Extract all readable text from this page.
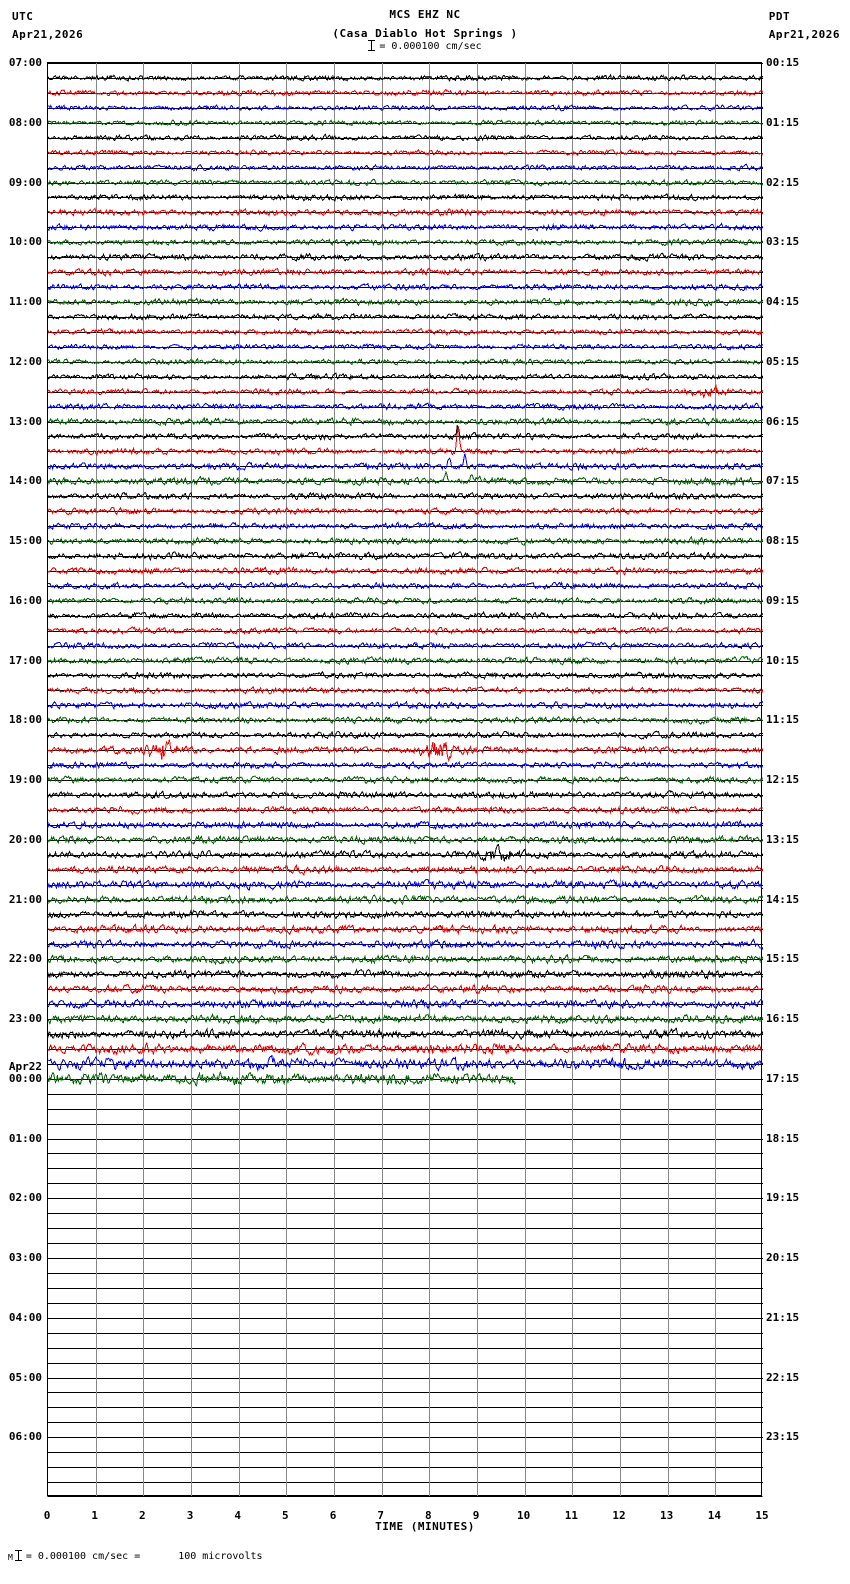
UTC
Apr21,2026
MCS EHZ NC
(Casa Diablo Hot Springs )
PDT
Apr21,2026
= 0.000100 cm/sec
07:00
08:00
09:00
10:00
11:00
12:00
13:00
14:00
15:00
16:00
17:00
18:00
19:00
20:00
21:00
22:00
23:00
00:00
01:00
02:00
03:00
04:00
05:00
06:00
00:15
01:15
02:15
03:15
04:15
05:15
06:15
07:15
08:15
09:15
10:15
11:15
12:15
13:15
14:15
15:15
16:15
17:15
18:15
19:15
20:15
21:15
22:15
23:15
Apr22
0	1	2	3	4	5	6	7	8	9	10	11	12	13	14	15
TIME (MINUTES)
M = 0.000100 cm/sec =	100 microvolts
